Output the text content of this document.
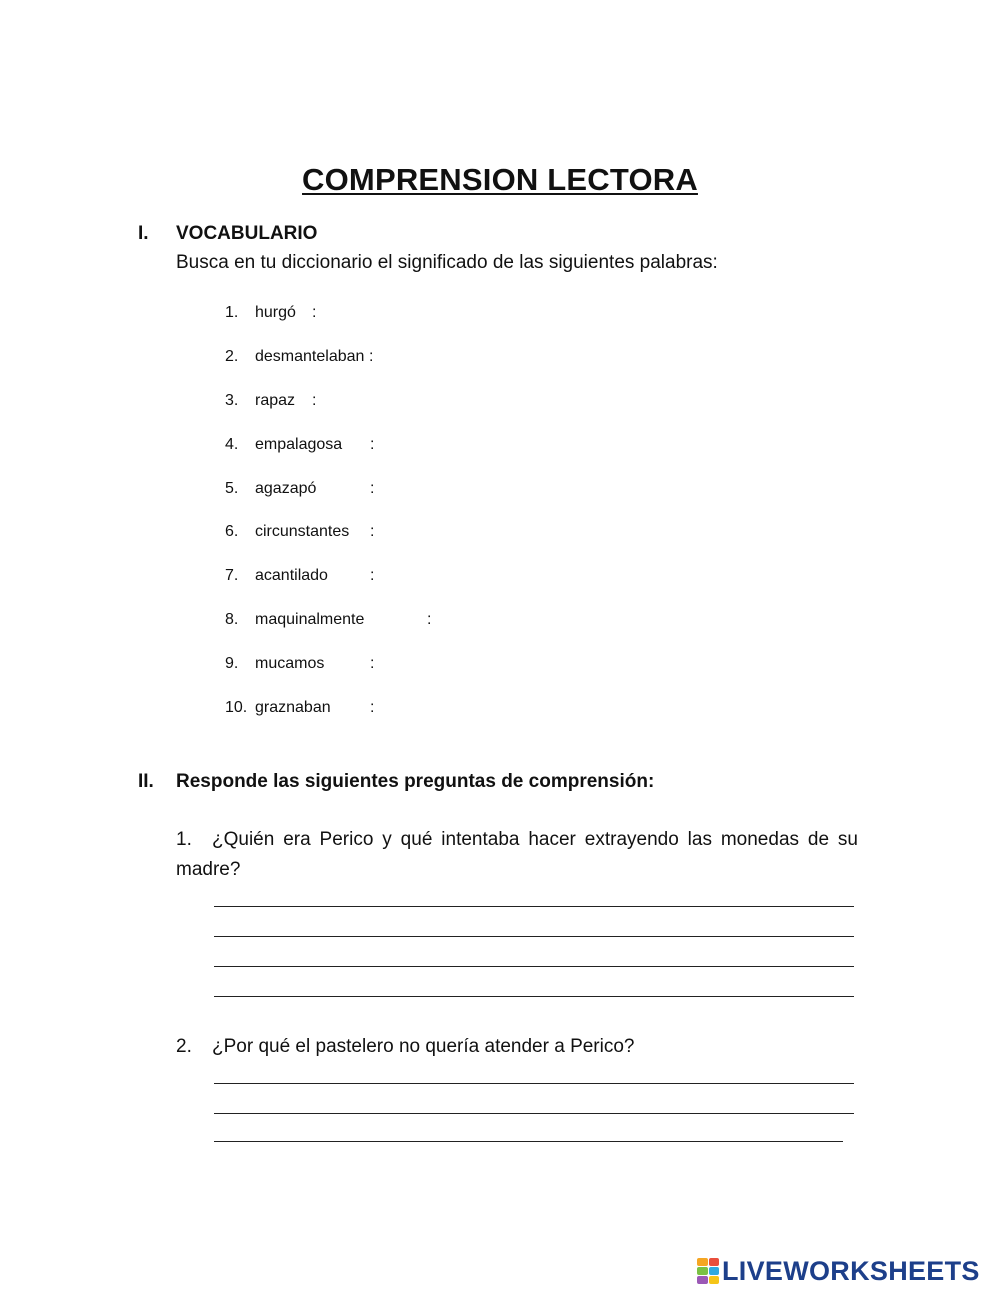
COMPRENSION LECTORA
I. VOCABULARIO
Busca en tu diccionario el significado de las siguientes palabras:
1. hurgó :
2. desmantelaban :
3. rapaz :
4. empalagosa :
5. agazapó	:
6. circunstantes :
7. acantilado	:
8. maquinalmente	:
9. mucamos	:
10. graznaban :
II. Responde las siguientes preguntas de comprensión:
1. ¿Quién era Perico y qué intentaba hacer extrayendo las monedas de su madre?
2. ¿Por qué el pastelero no quería atender a Perico?
LIVEWORKSHEETS
